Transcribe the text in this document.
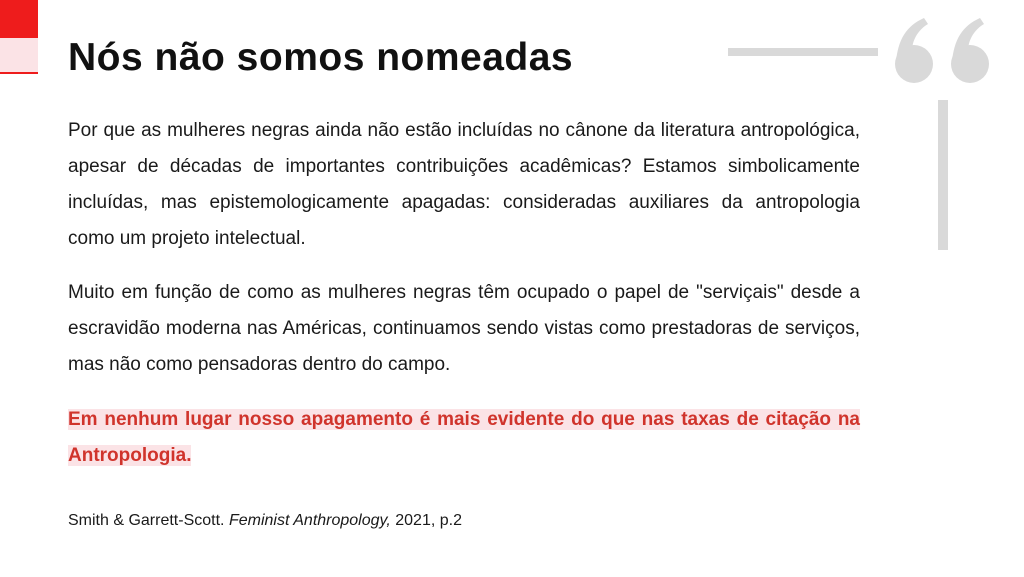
Nós não somos nomeadas

Por que as mulheres negras ainda não estão incluídas no cânone da literatura antropológica, apesar de décadas de importantes contribuições acadêmicas? Estamos simbolicamente incluídas, mas epistemologicamente apagadas: consideradas auxiliares da antropologia como um projeto intelectual.

Muito em função de como as mulheres negras têm ocupado o papel de "serviçais" desde a escravidão moderna nas Américas, continuamos sendo vistas como prestadoras de serviços, mas não como pensadoras dentro do campo.

Em nenhum lugar nosso apagamento é mais evidente do que nas taxas de citação na Antropologia.

Smith & Garrett-Scott. Feminist Anthropology, 2021, p.2
